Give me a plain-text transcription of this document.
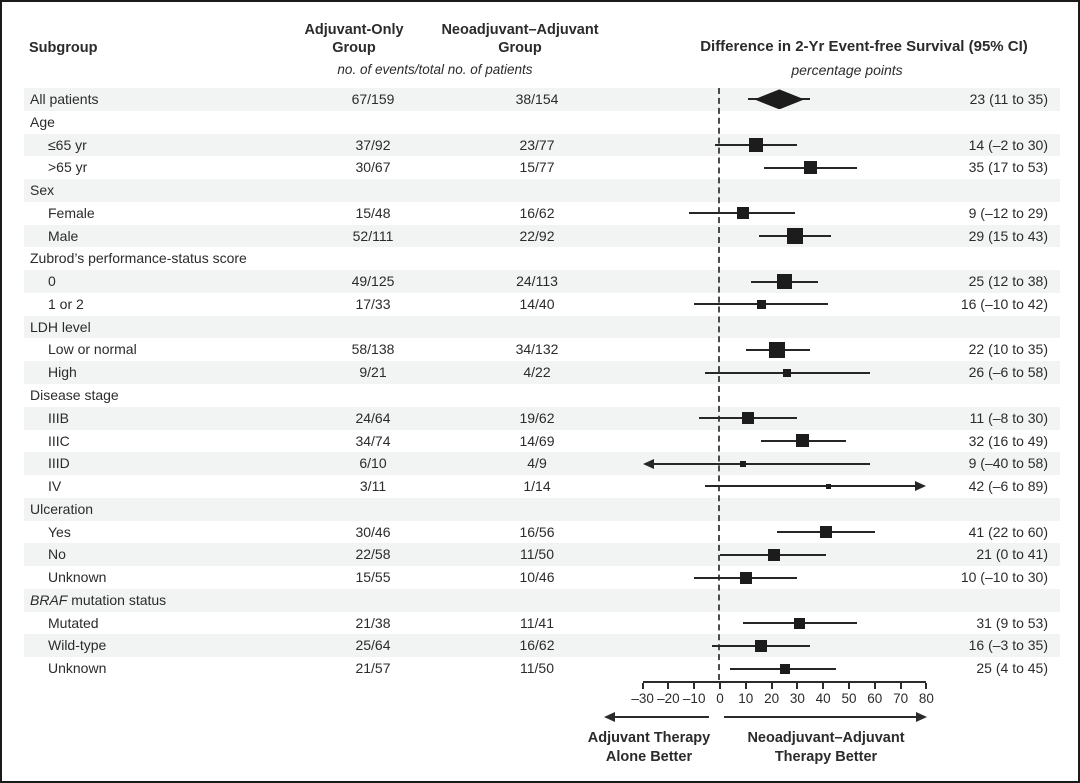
Subgroup
Adjuvant-Only
Group
Neoadjuvant–Adjuvant
Group
no. of events/total no. of patients
Difference in 2-Yr Event-free Survival (95% CI)
percentage points
All patients	67/159	38/154	23 (11 to 35)
Age
≤65 yr	37/92	23/77	14 (–2 to 30)
>65 yr	30/67	15/77	35 (17 to 53)
Sex
Female	15/48	16/62	9 (–12 to 29)
Male	52/111	22/92	29 (15 to 43)
Zubrod’s performance-status score
0	49/125	24/113	25 (12 to 38)
1 or 2	17/33	14/40	16 (–10 to 42)
LDH level
Low or normal	58/138	34/132	22 (10 to 35)
High	9/21	4/22	26 (–6 to 58)
Disease stage
IIIB	24/64	19/62	11 (–8 to 30)
IIIC	34/74	14/69	32 (16 to 49)
IIID	6/10	4/9	9 (–40 to 58)
IV	3/11	1/14	42 (–6 to 89)
Ulceration
Yes	30/46	16/56	41 (22 to 60)
No	22/58	11/50	21 (0 to 41)
Unknown	15/55	10/46	10 (–10 to 30)
BRAF mutation status
Mutated	21/38	11/41	31 (9 to 53)
Wild-type	25/64	16/62	16 (–3 to 35)
Unknown	21/57	11/50	25 (4 to 45)
–30 –20 –10 0	10 20 30 40 50 60 70 80
Adjuvant Therapy
Alone Better
Neoadjuvant–Adjuvant
Therapy Better
